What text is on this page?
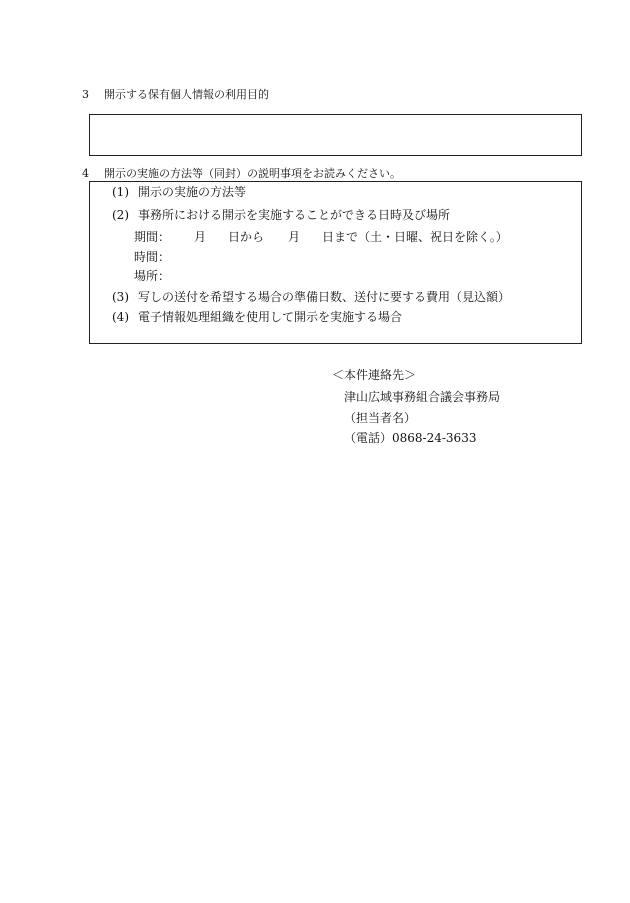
3 開示する保有個人情報の利用目的
4 開示の実施の方法等（同封）の説明事項をお読みください。
(1) 開示の実施の方法等
(2) 事務所における開示を実施することができる日時及び場所
期間： 月 日から 月 日まで（土・日曜、祝日を除く。）
時間：
場所：
(3) 写しの送付を希望する場合の準備日数、送付に要する費用（見込額）
(4) 電子情報処理組織を使用して開示を実施する場合
＜本件連絡先＞
津山広域事務組合議会事務局
（担当者名）
（電話）0868-24-3633
